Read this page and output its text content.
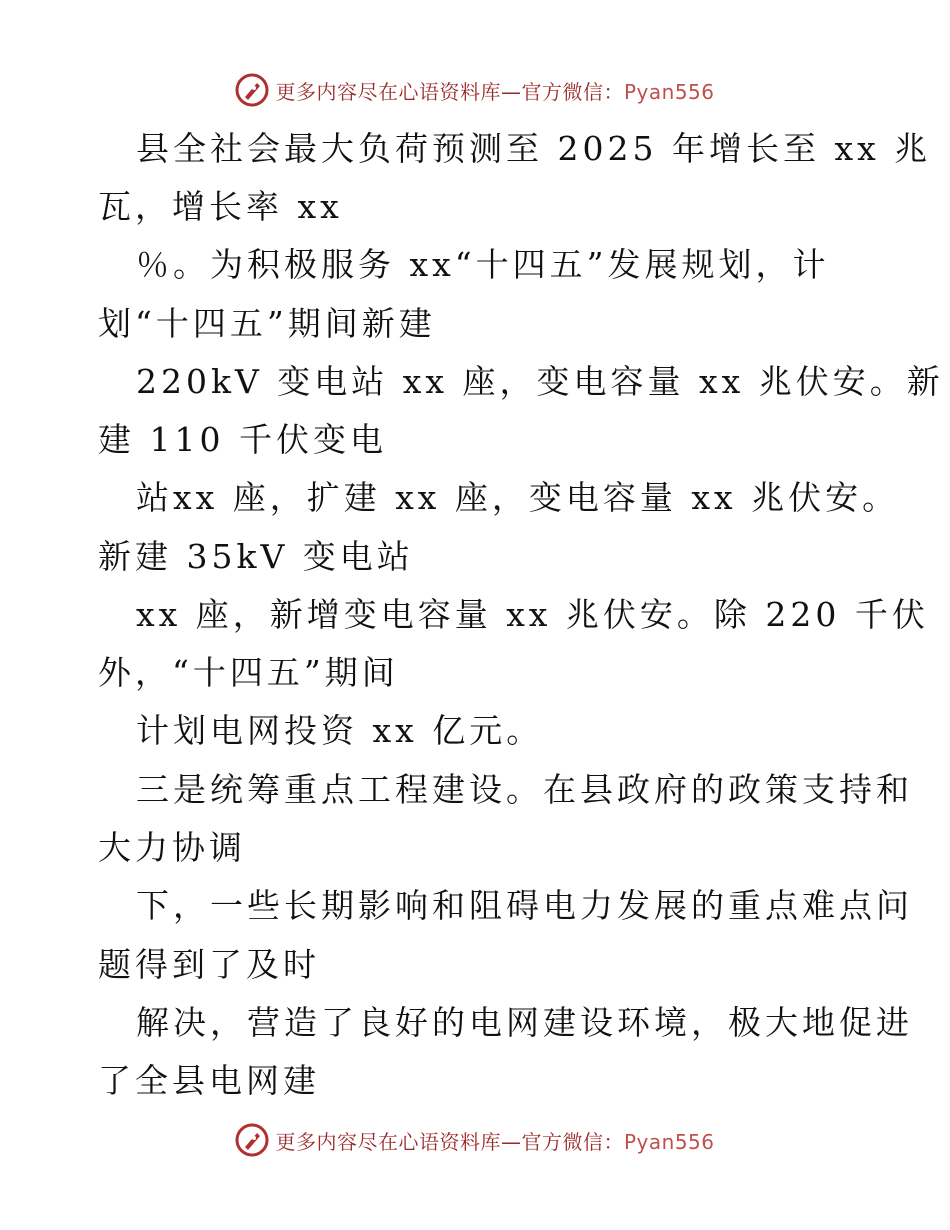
更多内容尽在心语资料库—官方微信：Pyan556
县全社会最大负荷预测至 2025 年增长至 xx 兆
瓦，增长率 xx
％。为积极服务 xx“十四五”发展规划，计
划“十四五”期间新建
220kV 变电站 xx 座，变电容量 xx 兆伏安。新
建 110 千伏变电
站xx 座，扩建 xx 座，变电容量 xx 兆伏安。
新建 35kV 变电站
xx 座，新增变电容量 xx 兆伏安。除 220 千伏
外，“十四五”期间
计划电网投资 xx 亿元。
三是统筹重点工程建设。在县政府的政策支持和
大力协调
下，一些长期影响和阻碍电力发展的重点难点问
题得到了及时
解决，营造了良好的电网建设环境，极大地促进
了全县电网建
更多内容尽在心语资料库—官方微信：Pyan556
